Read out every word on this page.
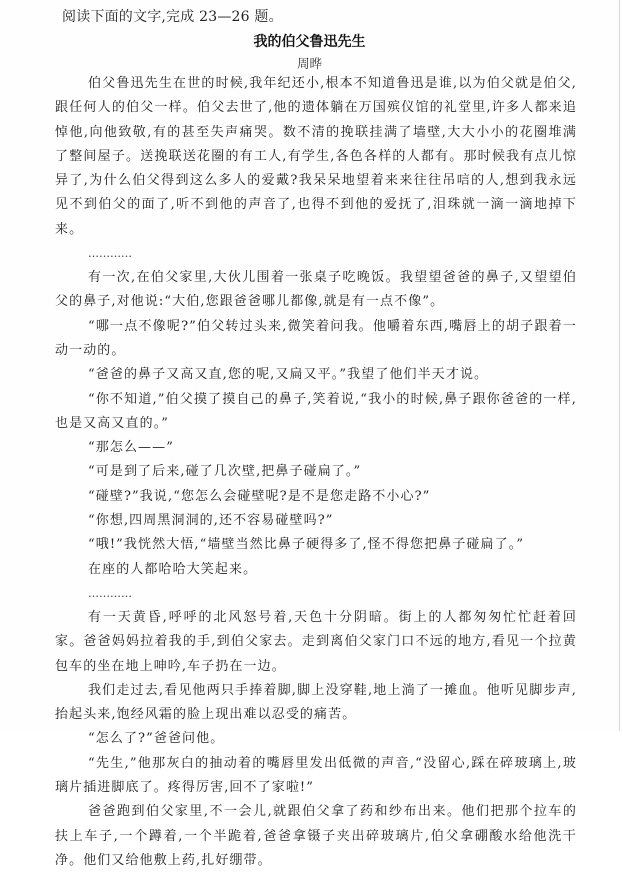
阅读下面的文字,完成 23—26 题。
我的伯父鲁迅先生
周晔

伯父鲁迅先生在世的时候,我年纪还小,根本不知道鲁迅是谁,以为伯父就是伯父,跟任何人的伯父一样。伯父去世了,他的遗体躺在万国殡仪馆的礼堂里,许多人都来追悼他,向他致敬,有的甚至失声痛哭。数不清的挽联挂满了墙壁,大大小小的花圈堆满了整间屋子。送挽联送花圈的有工人,有学生,各色各样的人都有。那时候我有点儿惊异了,为什么伯父得到这么多人的爱戴?我呆呆地望着来来往往吊唁的人,想到我永远见不到伯父的面了,听不到他的声音了,也得不到他的爱抚了,泪珠就一滴一滴地掉下来。

…………

有一次,在伯父家里,大伙儿围着一张桌子吃晚饭。我望望爸爸的鼻子,又望望伯父的鼻子,对他说:“大伯,您跟爸爸哪儿都像,就是有一点不像”。

“哪一点不像呢?”伯父转过头来,微笑着问我。他嚼着东西,嘴唇上的胡子跟着一动一动的。

“爸爸的鼻子又高又直,您的呢,又扁又平。”我望了他们半天才说。

“你不知道,”伯父摸了摸自己的鼻子,笑着说,“我小的时候,鼻子跟你爸爸的一样,也是又高又直的。”

“那怎么——”

“可是到了后来,碰了几次壁,把鼻子碰扁了。”

“碰壁?”我说,“您怎么会碰壁呢?是不是您走路不小心?”

“你想,四周黑洞洞的,还不容易碰壁吗?”

“哦!”我恍然大悟,“墙壁当然比鼻子硬得多了,怪不得您把鼻子碰扁了。”

在座的人都哈哈大笑起来。

…………

有一天黄昏,呼呼的北风怒号着,天色十分阴暗。街上的人都匆匆忙忙赶着回家。爸爸妈妈拉着我的手,到伯父家去。走到离伯父家门口不远的地方,看见一个拉黄包车的坐在地上呻吟,车子扔在一边。

我们走过去,看见他两只手捧着脚,脚上没穿鞋,地上淌了一摊血。他听见脚步声,抬起头来,饱经风霜的脸上现出难以忍受的痛苦。

“怎么了?”爸爸问他。

“先生,”他那灰白的抽动着的嘴唇里发出低微的声音,“没留心,踩在碎玻璃上,玻璃片插进脚底了。疼得厉害,回不了家啦!”

爸爸跑到伯父家里,不一会儿,就跟伯父拿了药和纱布出来。他们把那个拉车的扶上车子,一个蹲着,一个半跪着,爸爸拿镊子夹出碎玻璃片,伯父拿硼酸水给他洗干净。他们又给他敷上药,扎好绷带。
